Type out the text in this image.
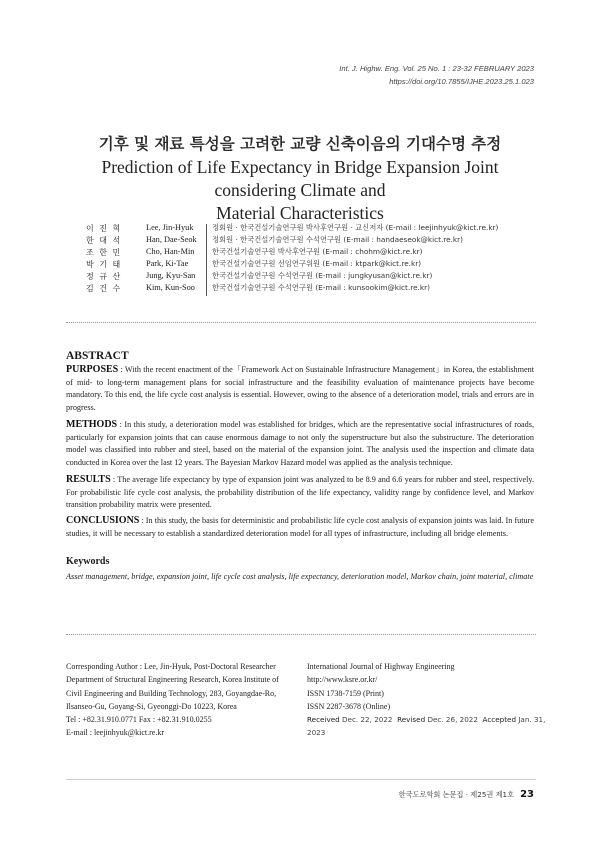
Int. J. Highw. Eng. Vol. 25 No. 1 : 23-32 FEBRUARY 2023
https://doi.org/10.7855/IJHE.2023.25.1.023
기후 및 재료 특성을 고려한 교량 신축이음의 기대수명 추정
Prediction of Life Expectancy in Bridge Expansion Joint considering Climate and
Material Characteristics
이 진 혁	Lee, Jin-Hyuk	정회원 · 한국건설기술연구원 박사후연구원 · 교신저자 (E-mail : leejinhyuk@kict.re.kr)
한 대 석	Han, Dae-Seok 정회원 · 한국건설기술연구원 수석연구원 (E-mail : handaeseok@kict.re.kr)
조 한 민	Cho, Han-Min 한국건설기술연구원 박사후연구원 (E-mail : chohm@kict.re.kr)
박 기 태	Park, Ki-Tae	한국건설기술연구원 선임연구위원 (E-mail : ktpark@kict.re.kr)
정 규 산	Jung, Kyu-San 한국건설기술연구원 수석연구원 (E-mail : jungkyusan@kict.re.kr)
김 건 수	Kim, Kun-Soo 한국건설기술연구원 수석연구원 (E-mail : kunsookim@kict.re.kr)
ABSTRACT
PURPOSES : With the recent enactment of the「Framework Act on Sustainable Infrastructure Management」in Korea, the establishment of mid- to long-term management plans for social infrastructure and the feasibility evaluation of maintenance projects have become mandatory. To this end, the life cycle cost analysis is essential. However, owing to the absence of a deterioration model, trials and errors are in progress.
METHODS : In this study, a deterioration model was established for bridges, which are the representative social infrastructures of roads, particularly for expansion joints that can cause enormous damage to not only the superstructure but also the substructure. The deterioration model was classified into rubber and steel, based on the material of the expansion joint. The analysis used the inspection and climate data conducted in Korea over the last 12 years. The Bayesian Markov Hazard model was applied as the analysis technique.
RESULTS : The average life expectancy by type of expansion joint was analyzed to be 8.9 and 6.6 years for rubber and steel, respectively. For probabilistic life cycle cost analysis, the probability distribution of the life expectancy, validity range by confidence level, and Markov transition probability matrix were presented.
CONCLUSIONS : In this study, the basis for deterministic and probabilistic life cycle cost analysis of expansion joints was laid. In future studies, it will be necessary to establish a standardized deterioration model for all types of infrastructure, including all bridge elements.
Keywords
Asset management, bridge, expansion joint, life cycle cost analysis, life expectancy, deterioration model, Markov chain, joint material, climate
Corresponding Author : Lee, Jin-Hyuk, Post-Doctoral Researcher
Department of Structural Engineering Research, Korea Institute of
Civil Engineering and Building Technology, 283, Goyangdae-Ro,
Ilsanseo-Gu, Goyang-Si, Gyeonggi-Do 10223, Korea
Tel : +82.31.910.0771 Fax : +82.31.910.0255
E-mail : leejinhyuk@kict.re.kr
International Journal of Highway Engineering
http://www.ksre.or.kr/
ISSN 1738-7159 (Print)
ISSN 2287-3678 (Online)
Received Dec. 22, 2022 Revised Dec. 26, 2022 Accepted Jan. 31, 2023
한국도로학회 논문집 · 제25권 제1호 23
